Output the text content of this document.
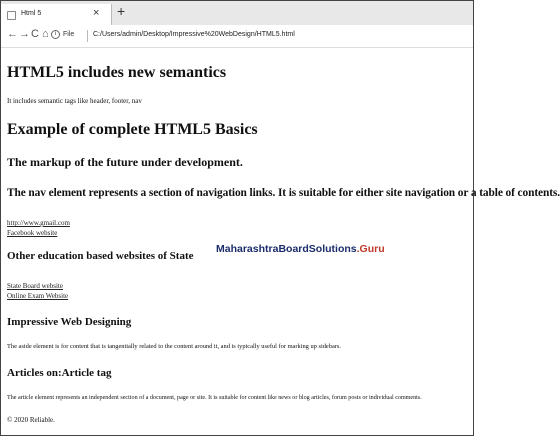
Html 5	× +
← → C ⌂	i File	C:/Users/admin/Desktop/Impressive%20WebDesign/HTML5.html
HTML5 includes new semantics
It includes semantic tags like header, footer, nav
Example of complete HTML5 Basics
The markup of the future under development.
The nav element represents a section of navigation links. It is suitable for either site navigation or a table of contents.
http://www.gmail.com
Facebook website
Other education based websites of State
State Board website
Online Exam Website
Impressive Web Designing
The aside element is for content that is tangentially related to the content around it, and is typically useful for marking up sidebars.
Articles on:Article tag
The article element represents an independent section of a document, page or site. It is suitable for content like news or blog articles, forum posts or individual comments.
© 2020 Reliable.
MaharashtraBoardSolutions.Guru
